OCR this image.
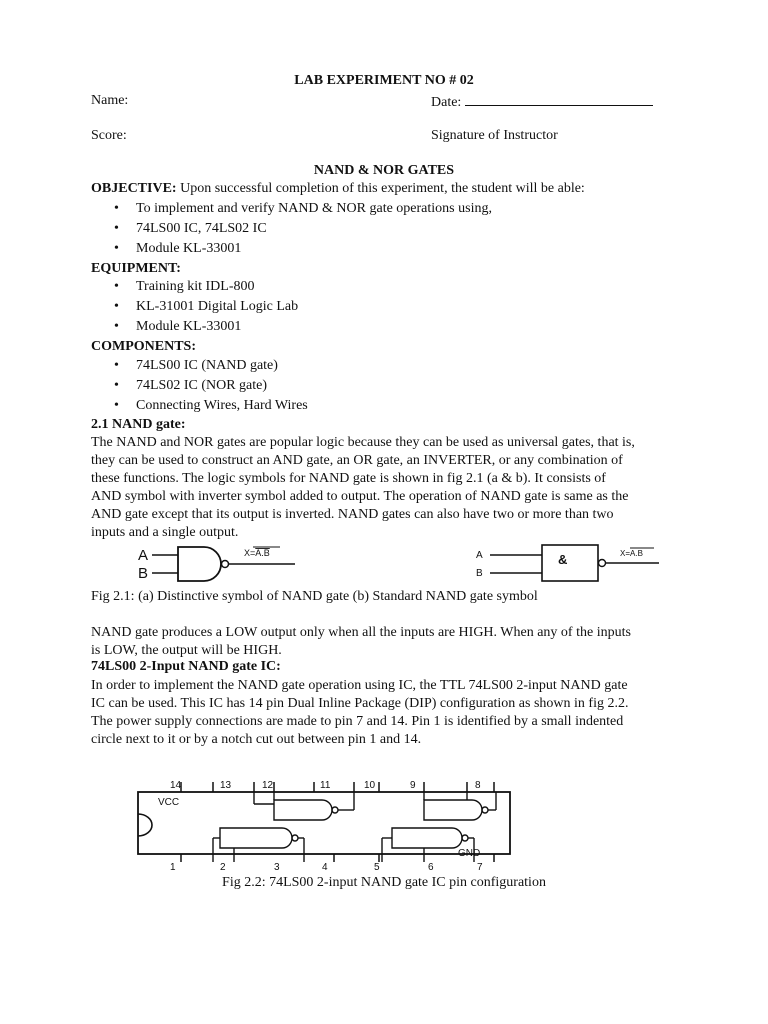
LAB EXPERIMENT NO # 02
Name:	Date:
Score:	Signature of Instructor
NAND & NOR GATES
OBJECTIVE: Upon successful completion of this experiment, the student will be able:
• To implement and verify NAND & NOR gate operations using,
• 74LS00 IC, 74LS02 IC
• Module KL-33001
EQUIPMENT:
• Training kit IDL-800
• KL-31001 Digital Logic Lab
• Module KL-33001
COMPONENTS:
• 74LS00 IC (NAND gate)
• 74LS02 IC (NOR gate)
• Connecting Wires, Hard Wires
2.1 NAND gate:
The NAND and NOR gates are popular logic because they can be used as universal gates, that is,
they can be used to construct an AND gate, an OR gate, an INVERTER, or any combination of
these functions. The logic symbols for NAND gate is shown in fig 2.1 (a & b). It consists of
AND symbol with inverter symbol added to output. The operation of NAND gate is same as the
AND gate except that its output is inverted. NAND gates can also have two or more than two
inputs and a single output.
A
B
X=A.B	A
B
&	X=A.B
Fig 2.1: (a) Distinctive symbol of NAND gate (b) Standard NAND gate symbol
NAND gate produces a LOW output only when all the inputs are HIGH. When any of the inputs
is LOW, the output will be HIGH.
74LS00 2-Input NAND gate IC:
In order to implement the NAND gate operation using IC, the TTL 74LS00 2-input NAND gate
IC can be used. This IC has 14 pin Dual Inline Package (DIP) configuration as shown in fig 2.2.
The power supply connections are made to pin 7 and 14. Pin 1 is identified by a small indented
circle next to it or by a notch cut out between pin 1 and 14.
14	13	12	11	10	9	8
VCC
GND
1	2	3	4	5	6	7
Fig 2.2: 74LS00 2-input NAND gate IC pin configuration
